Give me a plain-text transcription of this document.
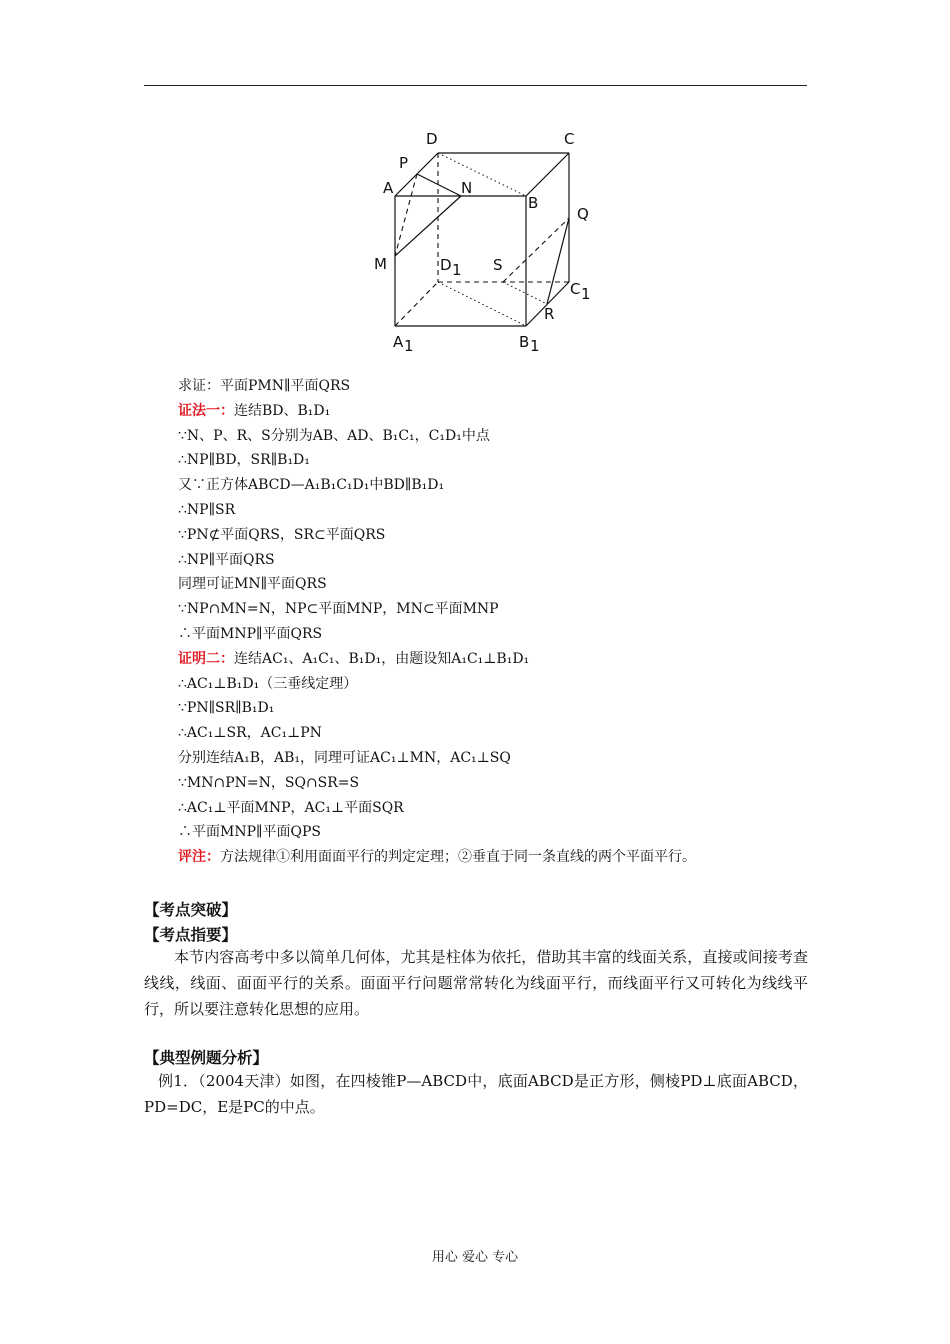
D	C
P
A	N
B
Q
M	D 1 S
C 1
R
A 1	B 1
求证：平面PMN∥平面QRS
证法一：连结BD、B₁D₁
∵N、P、R、S分别为AB、AD、B₁C₁，C₁D₁中点
∴NP∥BD，SR∥B₁D₁
又∵正方体ABCD—A₁B₁C₁D₁中BD∥B₁D₁
∴NP∥SR
∵PN⊄平面QRS，SR⊂平面QRS
∴NP∥平面QRS
同理可证MN∥平面QRS
∵NP∩MN=N，NP⊂平面MNP，MN⊂平面MNP
∴平面MNP∥平面QRS
证明二：连结AC₁、A₁C₁、B₁D₁，由题设知A₁C₁⊥B₁D₁
∴AC₁⊥B₁D₁（三垂线定理）
∵PN∥SR∥B₁D₁
∴AC₁⊥SR，AC₁⊥PN
分别连结A₁B，AB₁，同理可证AC₁⊥MN，AC₁⊥SQ
∵MN∩PN=N，SQ∩SR=S
∴AC₁⊥平面MNP，AC₁⊥平面SQR
∴平面MNP∥平面QPS
评注：方法规律①利用面面平行的判定定理；②垂直于同一条直线的两个平面平行。
【考点突破】
【考点指要】

本节内容高考中多以简单几何体，尤其是柱体为依托，借助其丰富的线面关系，直接或间接考查线线，线面、面面平行的关系。面面平行问题常常转化为线面平行，而线面平行又可转化为线线平行，所以要注意转化思想的应用。

【典型例题分析】

例1．（2004天津）如图，在四棱锥P—ABCD中，底面ABCD是正方形，侧棱PD⊥底面ABCD，PD=DC，E是PC的中点。

用心 爱心 专心
